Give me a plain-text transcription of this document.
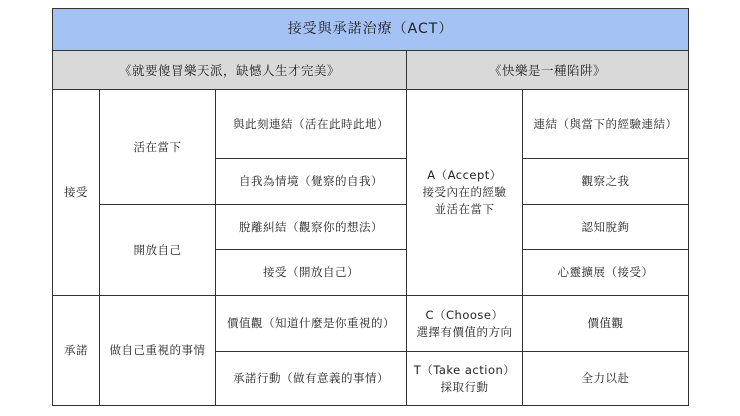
接受與承諾治療（ACT）				
《就要傻冒樂天派，缺憾人生才完美》			《快樂是一種陷阱》	
接受	活在當下	與此刻連結（活在此時此地）	A（Accept）
接受內在的經驗
並活在當下	連結（與當下的經驗連結）
		自我為情境（覺察的自我）		觀察之我
	開放自己	脫離糾結（觀察你的想法）		認知脫鉤
		接受（開放自己）		心靈擴展（接受）
承諾	做自己重視的事情	價值觀（知道什麼是你重視的）	C（Choose）
選擇有價值的方向	價值觀
		承諾行動（做有意義的事情）	T（Take action）
採取行動	全力以赴
